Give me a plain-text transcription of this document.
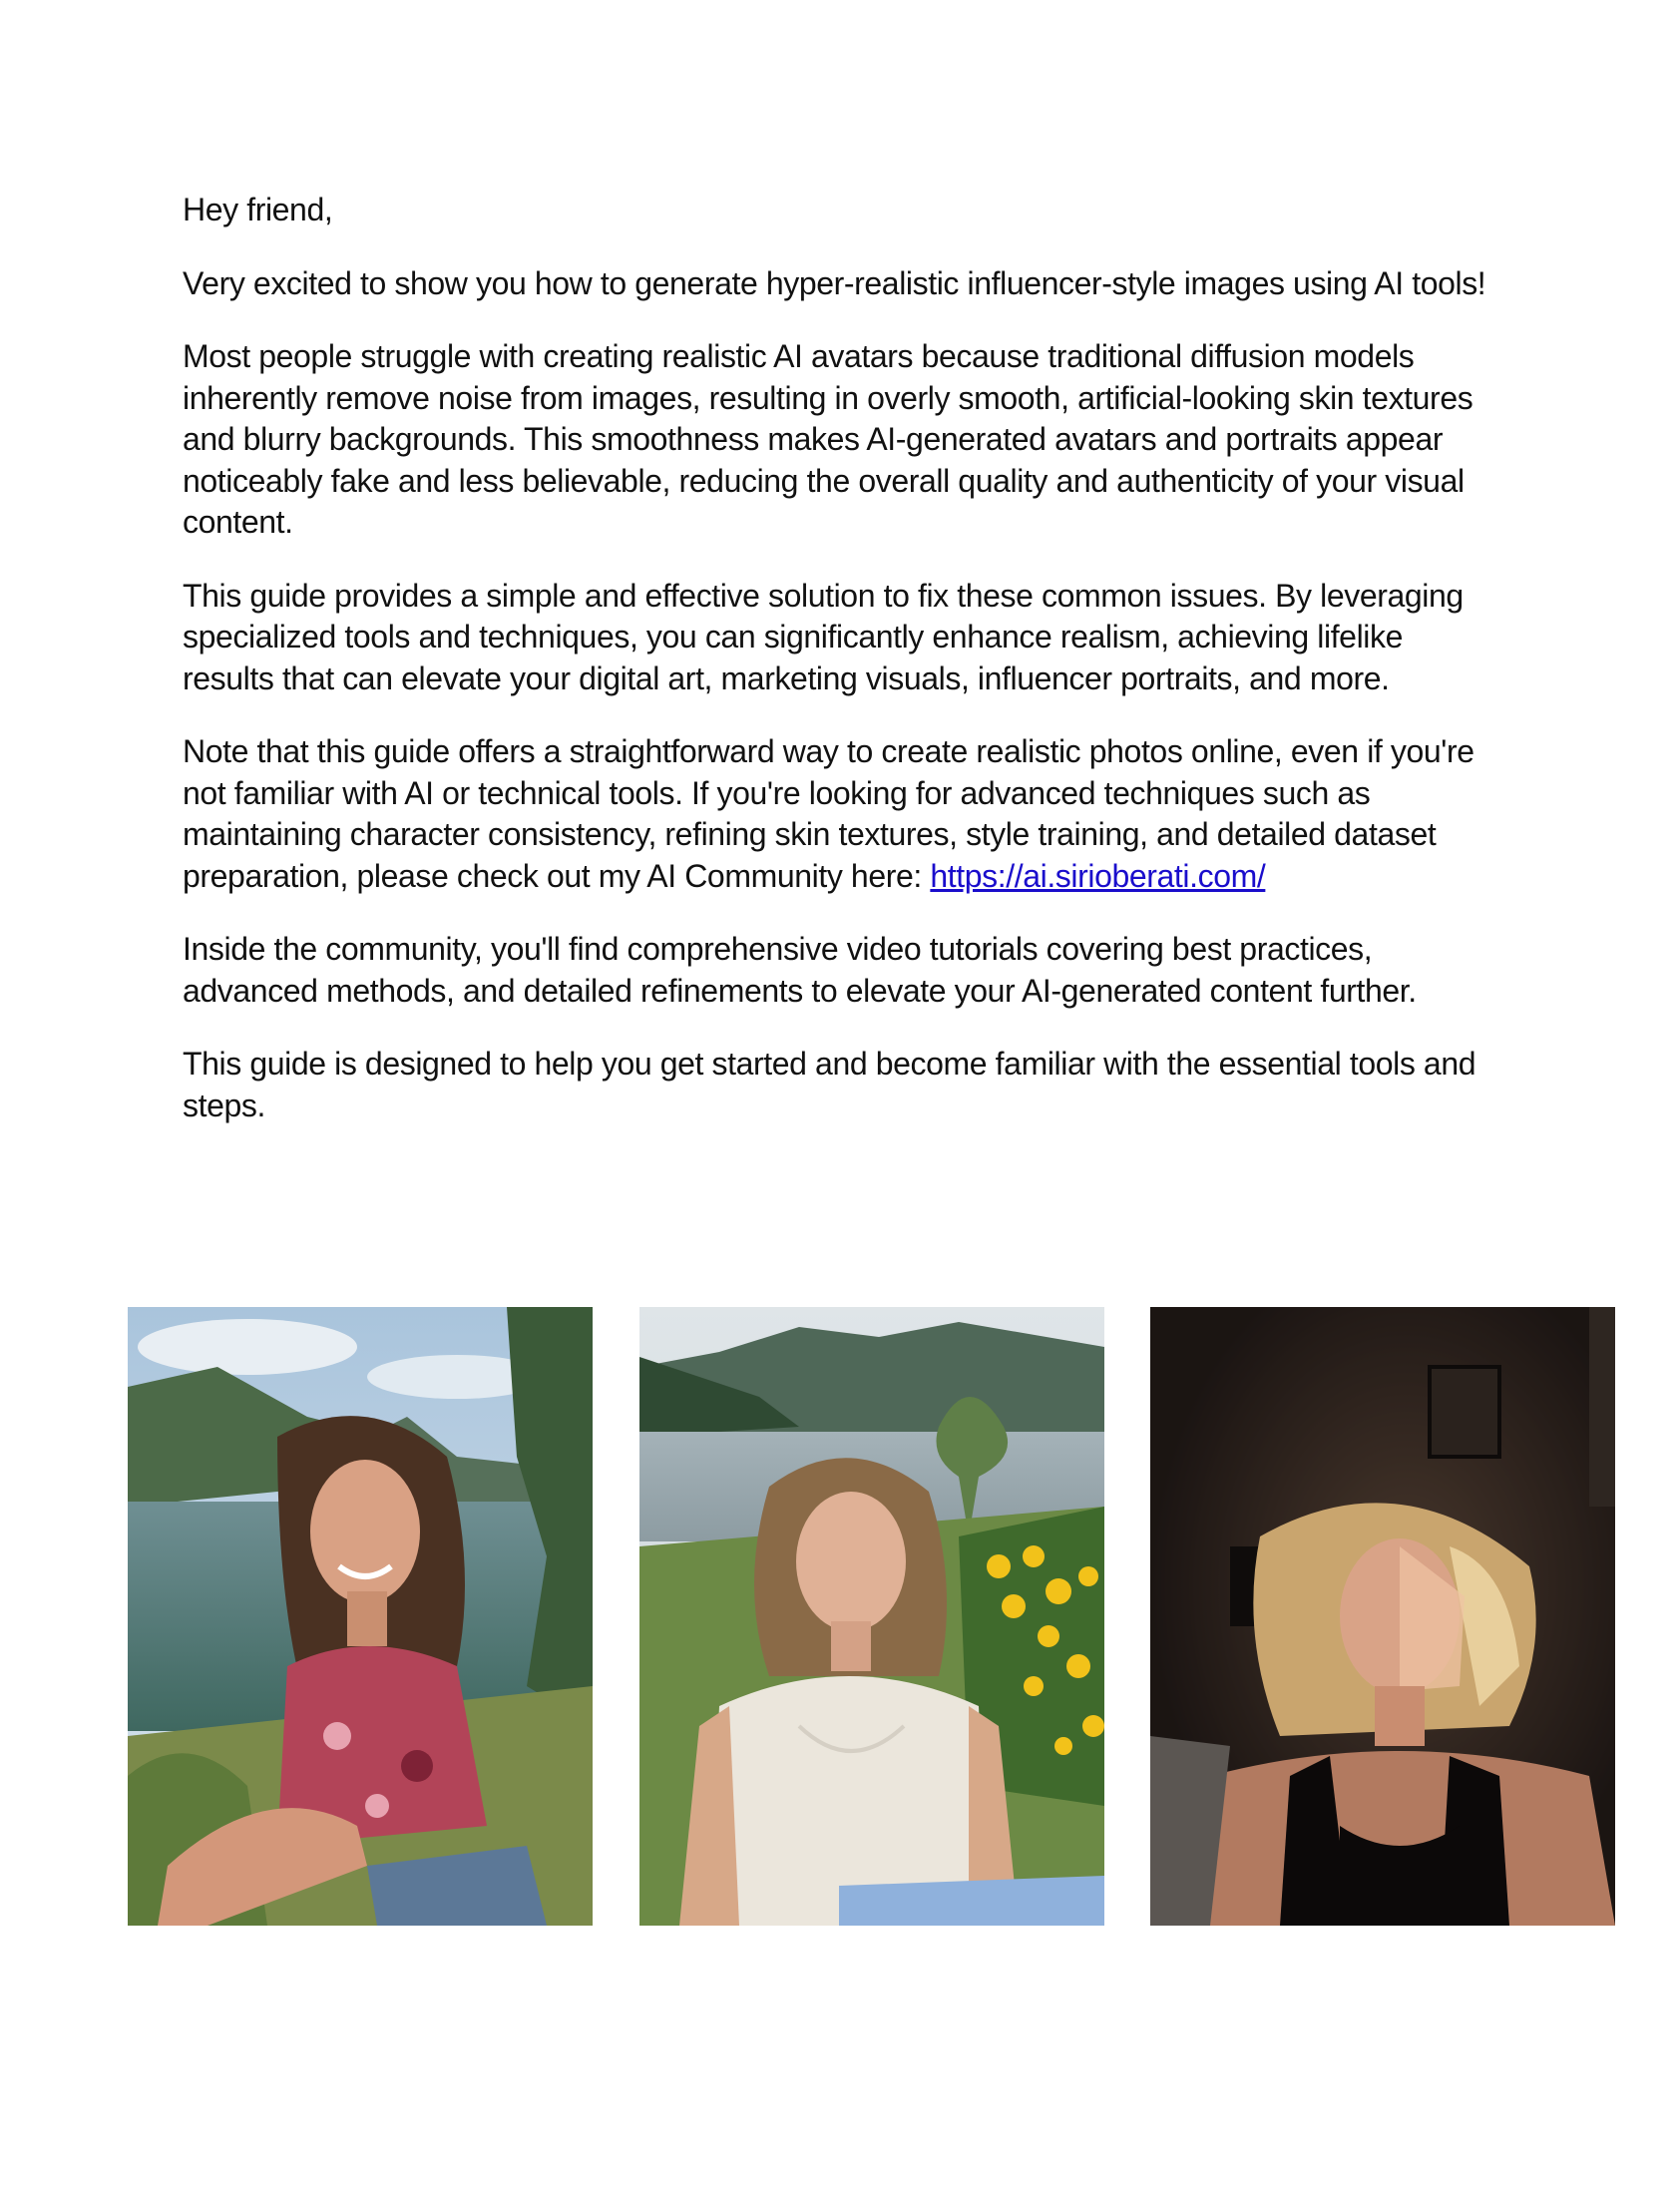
Hey friend,

Very excited to show you how to generate hyper-realistic influencer-style images using AI tools!

Most people struggle with creating realistic AI avatars because traditional diffusion models inherently remove noise from images, resulting in overly smooth, artificial-looking skin textures and blurry backgrounds. This smoothness makes AI-generated avatars and portraits appear noticeably fake and less believable, reducing the overall quality and authenticity of your visual content.

This guide provides a simple and effective solution to fix these common issues. By leveraging specialized tools and techniques, you can significantly enhance realism, achieving lifelike results that can elevate your digital art, marketing visuals, influencer portraits, and more.

Note that this guide offers a straightforward way to create realistic photos online, even if you're not familiar with AI or technical tools. If you're looking for advanced techniques such as maintaining character consistency, refining skin textures, style training, and detailed dataset preparation, please check out my AI Community here: https://ai.sirioberati.com/

Inside the community, you'll find comprehensive video tutorials covering best practices, advanced methods, and detailed refinements to elevate your AI-generated content further.

This guide is designed to help you get started and become familiar with the essential tools and steps.
